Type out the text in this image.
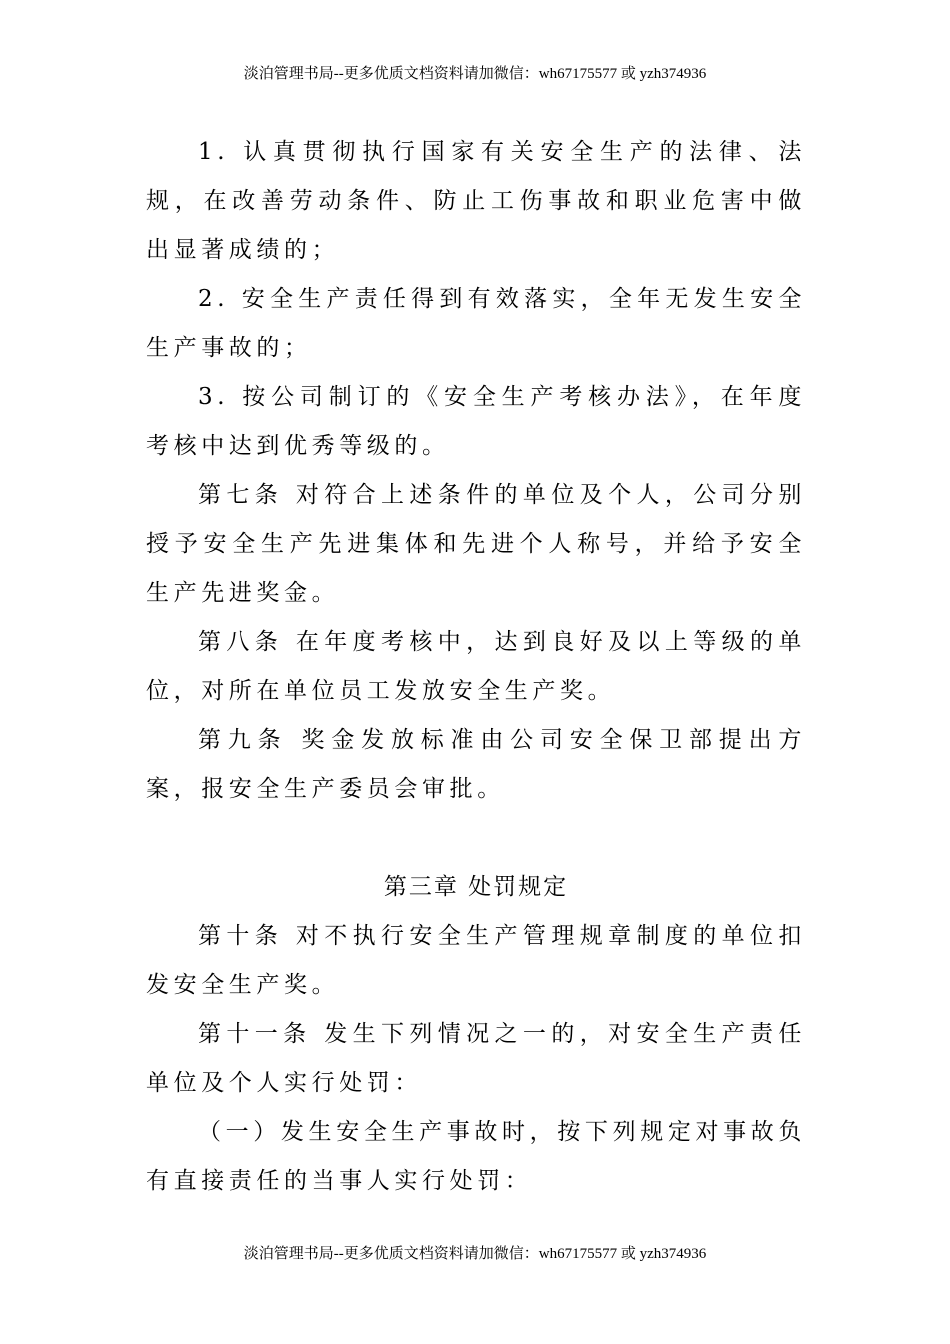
淡泊管理书局--更多优质文档资料请加微信：wh67175577 或 yzh374936

1. 认真贯彻执行国家有关安全生产的法律、法规，在改善劳动条件、防止工伤事故和职业危害中做出显著成绩的；

2. 安全生产责任得到有效落实，全年无发生安全生产事故的；

3. 按公司制订的《安全生产考核办法》，在年度考核中达到优秀等级的。

第七条 对符合上述条件的单位及个人，公司分别授予安全生产先进集体和先进个人称号，并给予安全生产先进奖金。

第八条 在年度考核中，达到良好及以上等级的单位，对所在单位员工发放安全生产奖。

第九条 奖金发放标准由公司安全保卫部提出方案，报安全生产委员会审批。

第三章 处罚规定

第十条 对不执行安全生产管理规章制度的单位扣发安全生产奖。

第十一条 发生下列情况之一的，对安全生产责任单位及个人实行处罚：

（一）发生安全生产事故时，按下列规定对事故负有直接责任的当事人实行处罚：

淡泊管理书局--更多优质文档资料请加微信：wh67175577 或 yzh374936
